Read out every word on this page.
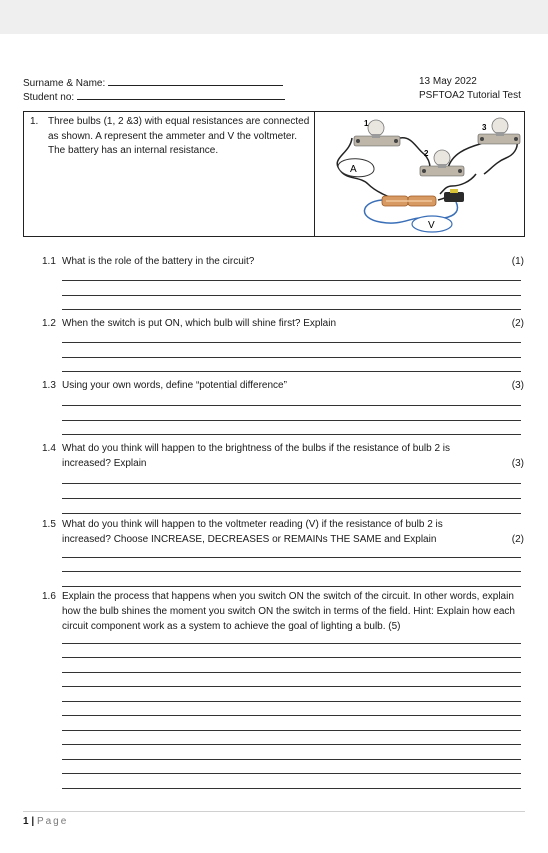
Surname & Name:
Student no:
13 May 2022
PSFTOA2 Tutorial Test
1. Three bulbs (1, 2 &3) with equal resistances are connected as shown. A represent the ammeter and V the voltmeter. The battery has an internal resistance.
1
2
3
A
V
1.1 What is the role of the battery in the circuit?	(1)
1.2 When the switch is put ON, which bulb will shine first? Explain	(2)
1.3 Using your own words, define “potential difference”	(3)
1.4 What do you think will happen to the brightness of the bulbs if the resistance of bulb 2 is increased? Explain	(3)
1.5 What do you think will happen to the voltmeter reading (V) if the resistance of bulb 2 is increased? Choose INCREASE, DECREASES or REMAINs THE SAME and Explain	(2)
1.6 Explain the process that happens when you switch ON the switch of the circuit. In other words, explain how the bulb shines the moment you switch ON the switch in terms of the field. Hint: Explain how each circuit component work as a system to achieve the goal of lighting a bulb. (5)
1 | Page
